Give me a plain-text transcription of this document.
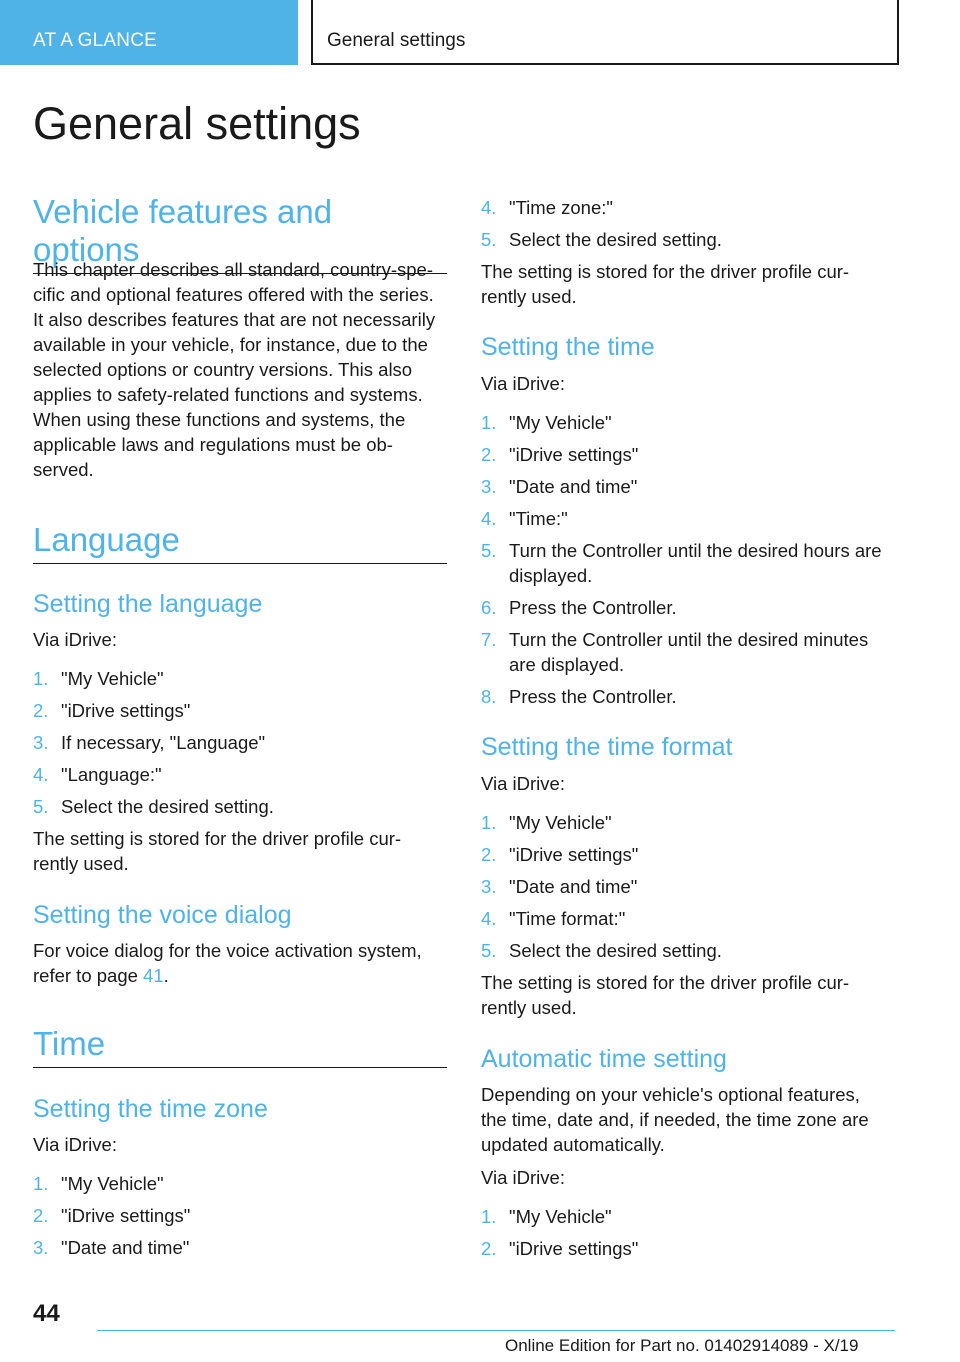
AT A GLANCE	General settings
General settings
Vehicle features and options
This chapter describes all standard, country-spe-
cific and optional features offered with the series.
It also describes features that are not necessarily
available in your vehicle, for instance, due to the
selected options or country versions. This also
applies to safety-related functions and systems.
When using these functions and systems, the
applicable laws and regulations must be ob-
served.
Language
Setting the language
Via iDrive:
1. "My Vehicle"
2. "iDrive settings"
3. If necessary, "Language"
4. "Language:"
5. Select the desired setting.
The setting is stored for the driver profile cur-
rently used.
Setting the voice dialog
For voice dialog for the voice activation system,
refer to page 41.
Time
Setting the time zone
Via iDrive:
1. "My Vehicle"
2. "iDrive settings"
3. "Date and time"
4. "Time zone:"
5. Select the desired setting.
The setting is stored for the driver profile cur-
rently used.
Setting the time
Via iDrive:
1. "My Vehicle"
2. "iDrive settings"
3. "Date and time"
4. "Time:"
5. Turn the Controller until the desired hours are displayed.
6. Press the Controller.
7. Turn the Controller until the desired minutes are displayed.
8. Press the Controller.
Setting the time format
Via iDrive:
1. "My Vehicle"
2. "iDrive settings"
3. "Date and time"
4. "Time format:"
5. Select the desired setting.
The setting is stored for the driver profile cur-
rently used.
Automatic time setting
Depending on your vehicle's optional features,
the time, date and, if needed, the time zone are
updated automatically.
Via iDrive:
1. "My Vehicle"
2. "iDrive settings"
44
Online Edition for Part no. 01402914089 - X/19
